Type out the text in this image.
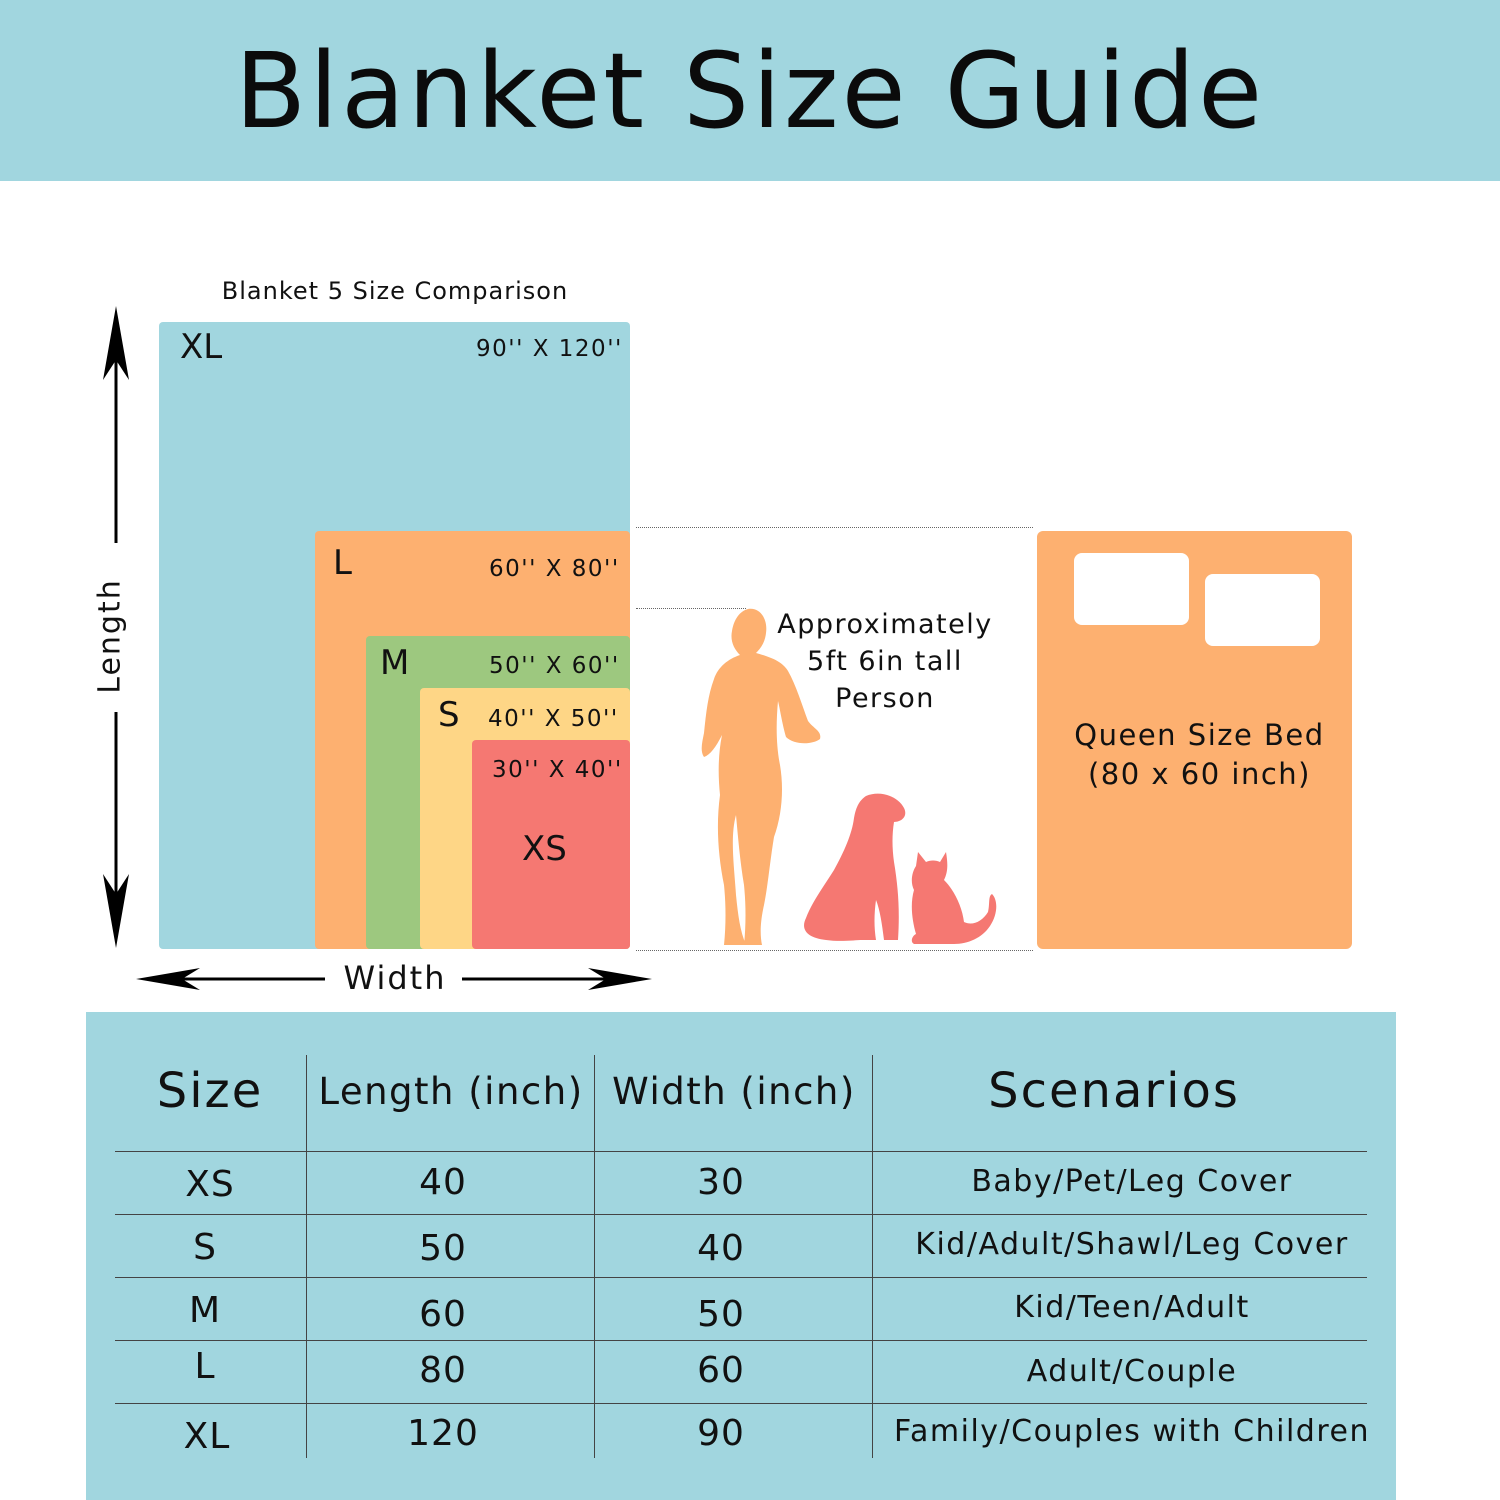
Blanket Size Guide
Blanket 5 Size Comparison
XL	90'' X 120''
L	60'' X 80''
M	50'' X 60''
S 40'' X 50''
30'' X 40''
XS
Length
Width
Approximately
5ft 6in tall
Person
Queen Size Bed
(80 x 60 inch)
Size	Length (inch) Width (inch)	Scenarios
XS	40	30	Baby/Pet/Leg Cover
S	50	40	Kid/Adult/Shawl/Leg Cover
M	60	50	Kid/Teen/Adult
L	80	60	Adult/Couple
XL	120	90	Family/Couples with Children
